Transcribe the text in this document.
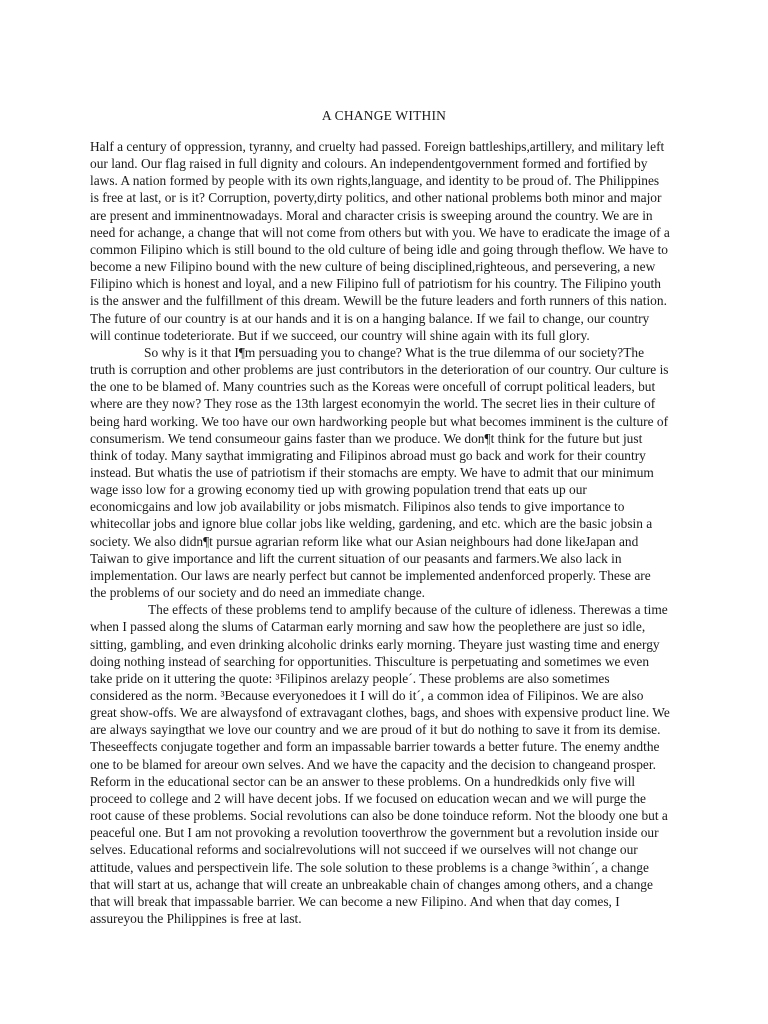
A CHANGE WITHIN

Half a century of oppression, tyranny, and cruelty had passed. Foreign battleships,artillery, and military left our land. Our flag raised in full dignity and colours. An independentgovernment formed and fortified by laws. A nation formed by people with its own rights,language, and identity to be proud of. The Philippines is free at last, or is it? Corruption, poverty,dirty politics, and other national problems both minor and major are present and imminentnowadays. Moral and character crisis is sweeping around the country. We are in need for achange, a change that will not come from others but with you. We have to eradicate the image of a common Filipino which is still bound to the old culture of being idle and going through theflow. We have to become a new Filipino bound with the new culture of being disciplined,righteous, and persevering, a new Filipino which is honest and loyal, and a new Filipino full of patriotism for his country. The Filipino youth is the answer and the fulfillment of this dream. Wewill be the future leaders and forth runners of this nation. The future of our country is at our hands and it is on a hanging balance. If we fail to change, our country will continue todeteriorate. But if we succeed, our country will shine again with its full glory.

So why is it that I¶m persuading you to change? What is the true dilemma of our society?The truth is corruption and other problems are just contributors in the deterioration of our country. Our culture is the one to be blamed of. Many countries such as the Koreas were oncefull of corrupt political leaders, but where are they now? They rose as the 13th largest economyin the world. The secret lies in their culture of being hard working. We too have our own hardworking people but what becomes imminent is the culture of consumerism. We tend consumeour gains faster than we produce. We don¶t think for the future but just think of today. Many saythat immigrating and Filipinos abroad must go back and work for their country instead. But whatis the use of patriotism if their stomachs are empty. We have to admit that our minimum wage isso low for a growing economy tied up with growing population trend that eats up our economicgains and low job availability or jobs mismatch. Filipinos also tends to give importance to whitecollar jobs and ignore blue collar jobs like welding, gardening, and etc. which are the basic jobsin a society. We also didn¶t pursue agrarian reform like what our Asian neighbours had done likeJapan and Taiwan to give importance and lift the current situation of our peasants and farmers.We also lack in implementation. Our laws are nearly perfect but cannot be implemented andenforced properly. These are the problems of our society and do need an immediate change.

The effects of these problems tend to amplify because of the culture of idleness. Therewas a time when I passed along the slums of Catarman early morning and saw how the peoplethere are just so idle, sitting, gambling, and even drinking alcoholic drinks early morning. Theyare just wasting time and energy doing nothing instead of searching for opportunities. Thisculture is perpetuating and sometimes we even take pride on it uttering the quote: ³Filipinos arelazy people´. These problems are also sometimes considered as the norm. ³Because everyonedoes it I will do it´, a common idea of Filipinos. We are also great show-offs. We are alwaysfond of extravagant clothes, bags, and shoes with expensive product line. We are always sayingthat we love our country and we are proud of it but do nothing to save it from its demise. Theseeffects conjugate together and form an impassable barrier towards a better future. The enemy andthe one to be blamed for areour own selves. And we have the capacity and the decision to changeand prosper. Reform in the educational sector can be an answer to these problems. On a hundredkids only five will proceed to college and 2 will have decent jobs. If we focused on education wecan and we will purge the root cause of these problems. Social revolutions can also be done toinduce reform. Not the bloody one but a peaceful one. But I am not provoking a revolution tooverthrow the government but a revolution inside our selves. Educational reforms and socialrevolutions will not succeed if we ourselves will not change our attitude, values and perspectivein life. The sole solution to these problems is a change ³within´, a change that will start at us, achange that will create an unbreakable chain of changes among others, and a change that will break that impassable barrier. We can become a new Filipino. And when that day comes, I assureyou the Philippines is free at last.
